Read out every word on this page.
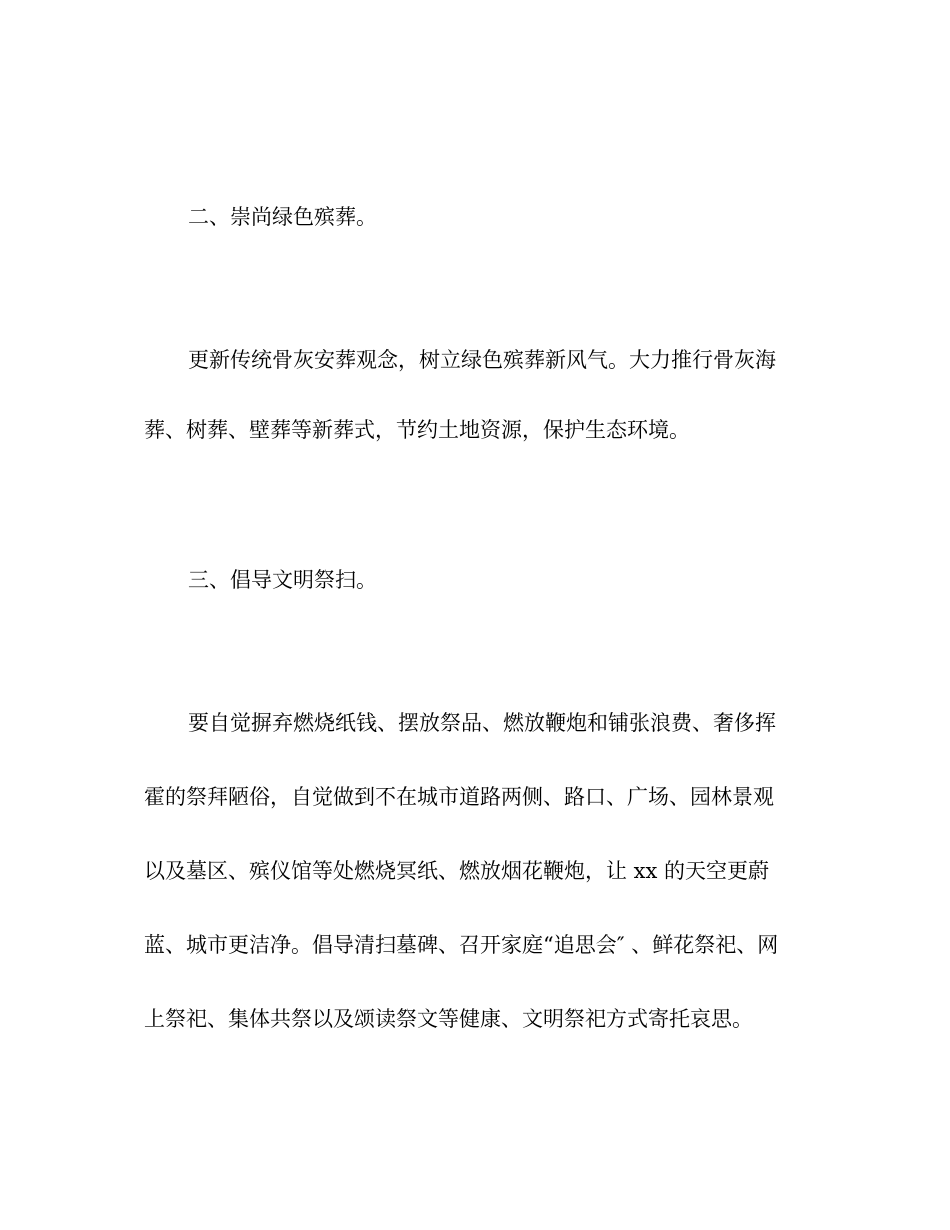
二、崇尚绿色殡葬。
更新传统骨灰安葬观念，树立绿色殡葬新风气。大力推行骨灰海
葬、树葬、壁葬等新葬式，节约土地资源，保护生态环境。
三、倡导文明祭扫。
要自觉摒弃燃烧纸钱、摆放祭品、燃放鞭炮和铺张浪费、奢侈挥
霍的祭拜陋俗，自觉做到不在城市道路两侧、路口、广场、园林景观
以及墓区、殡仪馆等处燃烧冥纸、燃放烟花鞭炮，让 xx 的天空更蔚
蓝、城市更洁净。倡导清扫墓碑、召开家庭“追思会″ 、鲜花祭祀、网
上祭祀、集体共祭以及颂读祭文等健康、文明祭祀方式寄托哀思。
